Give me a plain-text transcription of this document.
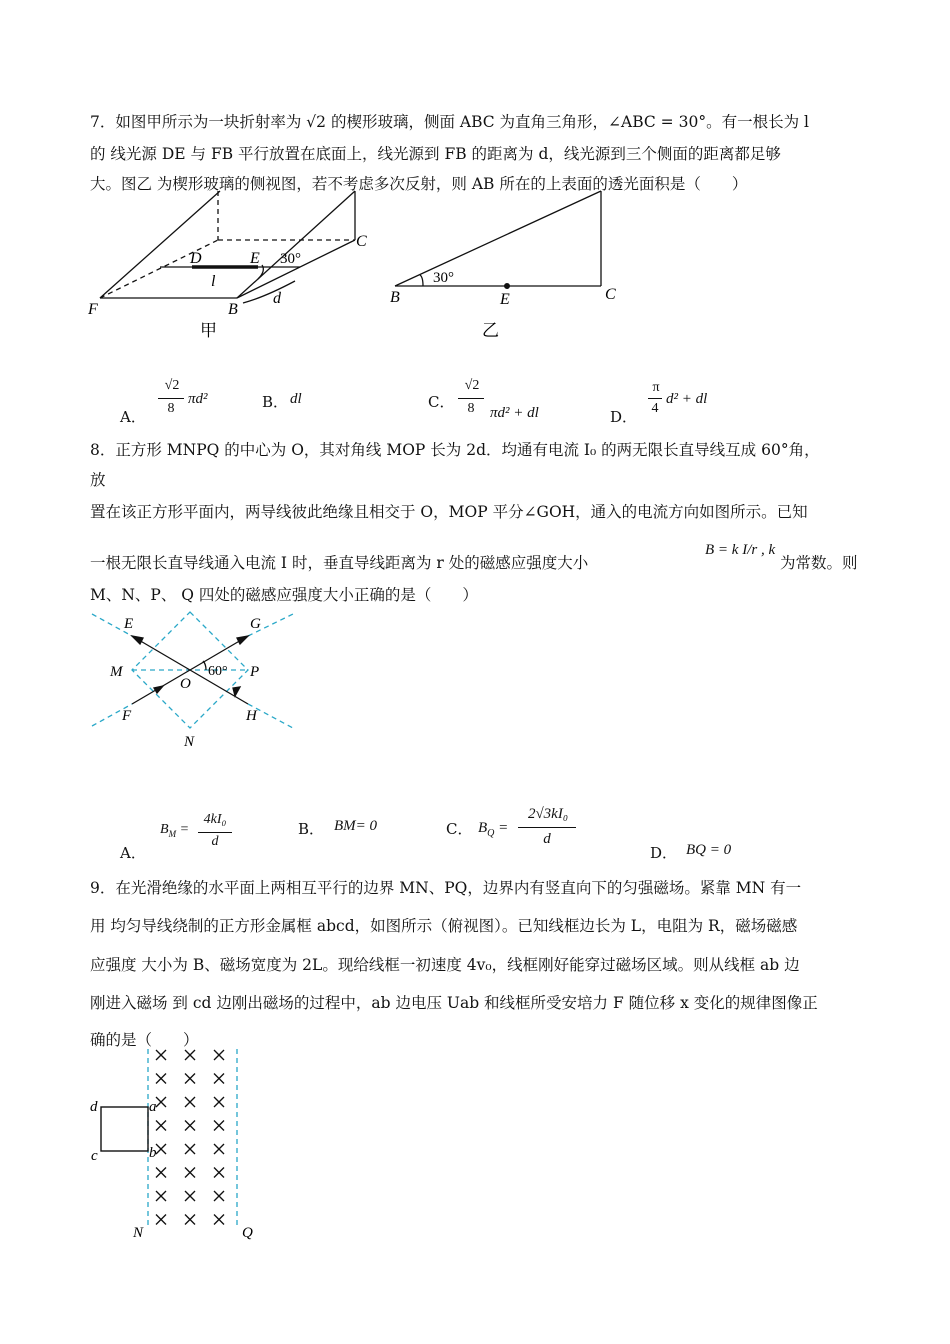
7．如图甲所示为一块折射率为 √2 的楔形玻璃，侧面 ABC 为直角三角形，∠ABC = 30°。有一根长为 l
的 线光源 DE 与 FB 平行放置在底面上，线光源到 FB 的距离为 d，线光源到三个侧面的距离都足够
大。图乙 为楔形玻璃的侧视图，若不考虑多次反射，则 AB 所在的上表面的透光面积是（　　）
F	B
D	E
C
l
d
30°
甲
B	E	C
30°
乙
A．
√2
8
πd²	B． dl	C．
√2
8	πd² + dl	D．
π
4
d² + dl
8．正方形 MNPQ 的中心为 O，其对角线 MOP 长为 2d．均通有电流 I₀ 的两无限长直导线互成 60°角，
放
置在该正方形平面内，两导线彼此绝缘且相交于 O，MOP 平分∠GOH，通入的电流方向如图所示。已知
一根无限长直导线通入电流 I 时，垂直导线距离为 r 处的磁感应强度大小
B = k I/r , k
为常数。则
M、N、P、 Q 四处的磁感应强度大小正确的是（　　）
E	G
M
O
P
F	H
N
60°
A．
$B_M$ =
4kI₀
d
B． BM= 0	C． $B_Q$ =
2√3kI₀
d
D． BQ = 0
9．在光滑绝缘的水平面上两相互平行的边界 MN、PQ，边界内有竖直向下的匀强磁场。紧靠 MN 有一
用 均匀导线绕制的正方形金属框 abcd，如图所示（俯视图）。已知线框边长为 L，电阻为 R，磁场磁感
应强度 大小为 B、磁场宽度为 2L。现给线框一初速度 4v₀，线框刚好能穿过磁场区域。则从线框 ab 边
刚进入磁场 到 cd 边刚出磁场的过程中，ab 边电压 Uab 和线框所受安培力 F 随位移 x 变化的规律图像正
确的是（　　）
d	a
c	b
N	Q
